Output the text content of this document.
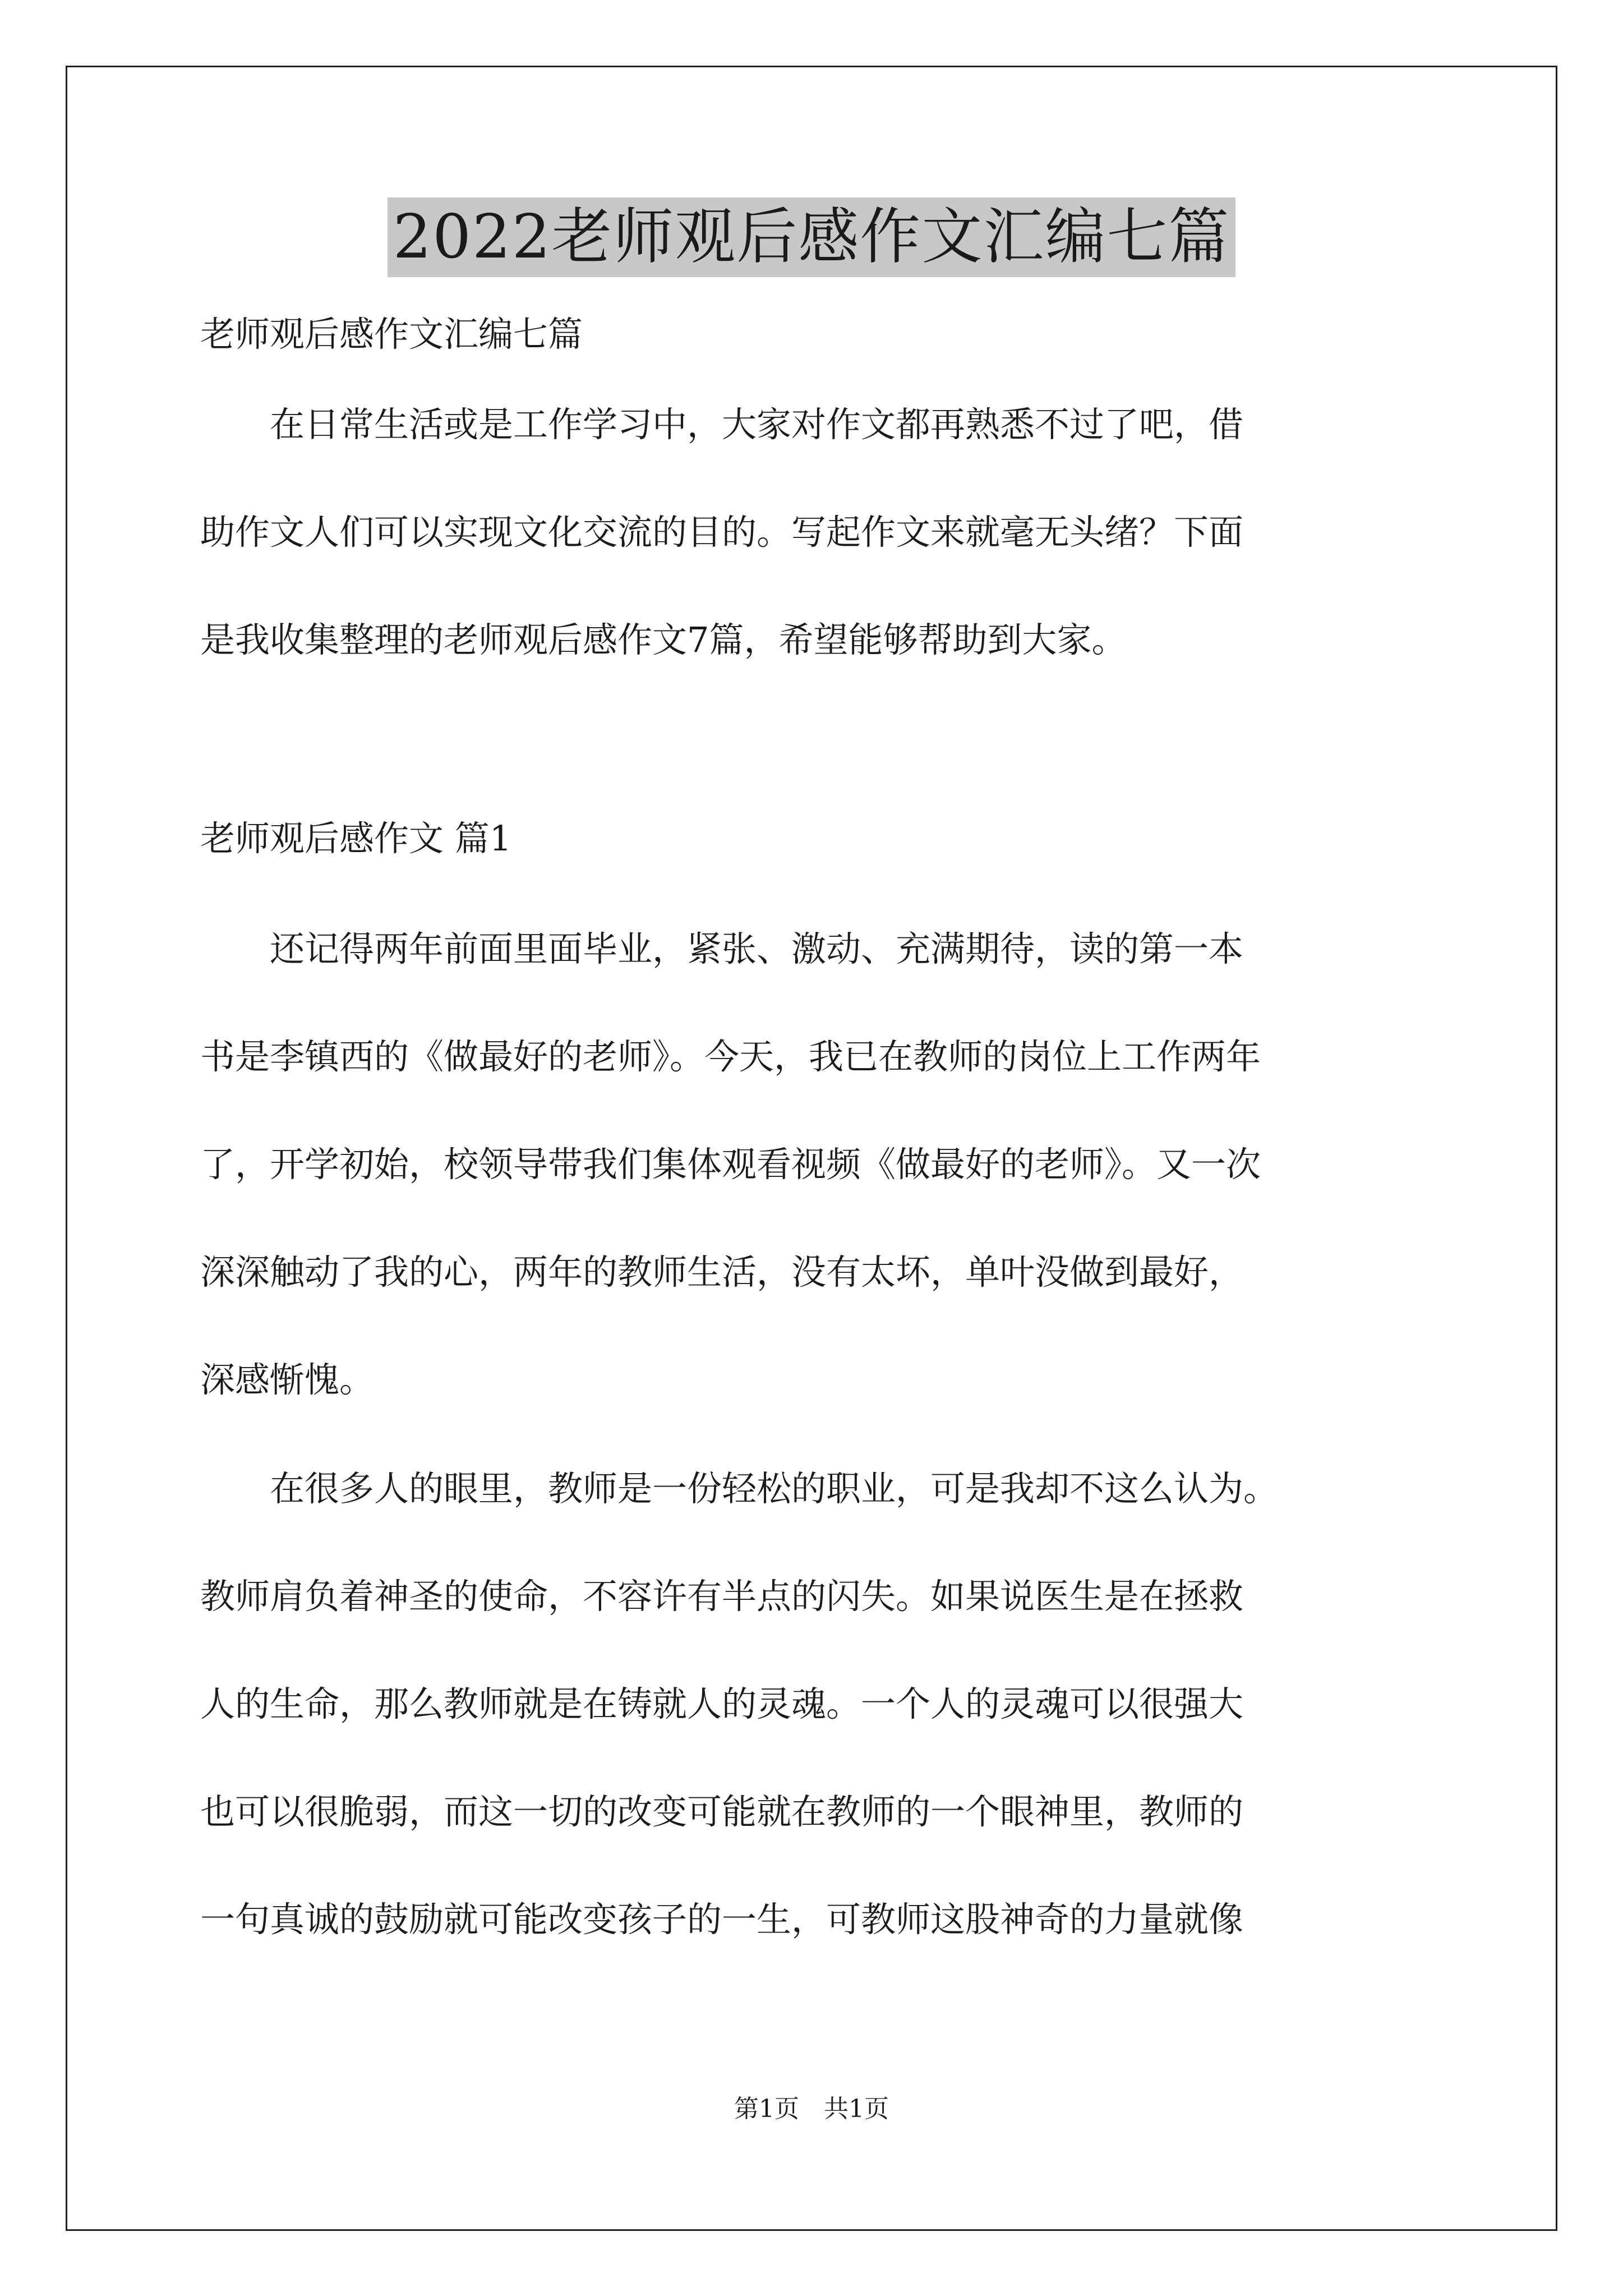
2022老师观后感作文汇编七篇
老师观后感作文汇编七篇
在日常生活或是工作学习中，大家对作文都再熟悉不过了吧，借
助作文人们可以实现文化交流的目的。写起作文来就毫无头绪？下面
是我收集整理的老师观后感作文7篇，希望能够帮助到大家。
老师观后感作文 篇1
还记得两年前面里面毕业，紧张、激动、充满期待，读的第一本
书是李镇西的《做最好的老师》。今天，我已在教师的岗位上工作两年
了，开学初始，校领导带我们集体观看视频《做最好的老师》。又一次
深深触动了我的心，两年的教师生活，没有太坏，单叶没做到最好，
深感惭愧。
在很多人的眼里，教师是一份轻松的职业，可是我却不这么认为。
教师肩负着神圣的使命，不容许有半点的闪失。如果说医生是在拯救
人的生命，那么教师就是在铸就人的灵魂。一个人的灵魂可以很强大
也可以很脆弱，而这一切的改变可能就在教师的一个眼神里，教师的
一句真诚的鼓励就可能改变孩子的一生，可教师这股神奇的力量就像
第1页 共1页
